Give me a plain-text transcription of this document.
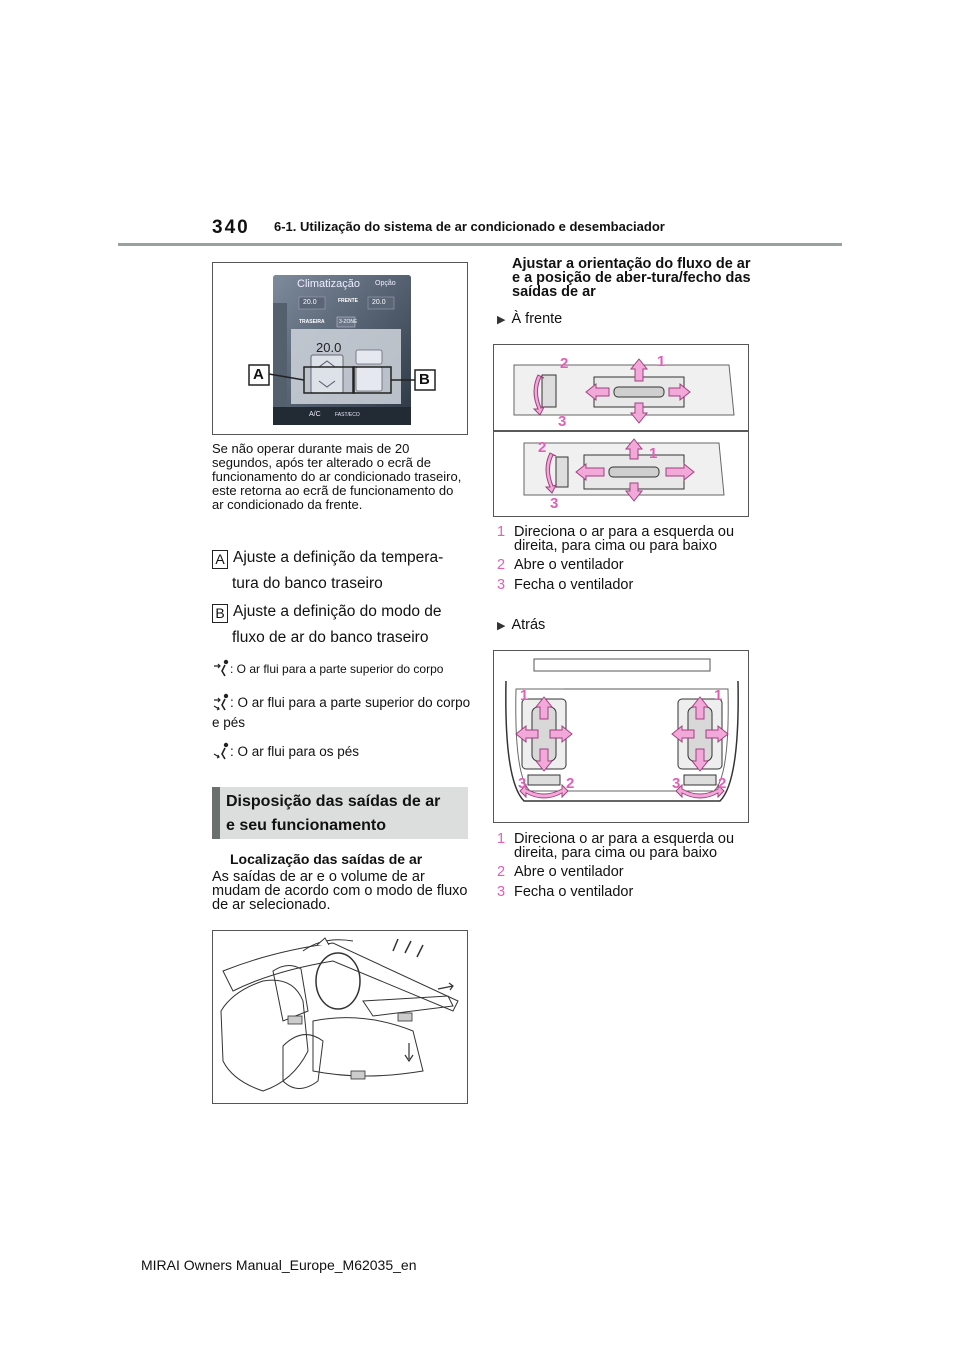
340 6-1. Utilização do sistema de ar condicionado e desembaciador
Climatização Opção
20.0	FRENTE 20.0
TRASEIRA	3-ZONE
20.0
A/C	FAST/ECO
A	B

Se não operar durante mais de 20 segundos, após ter alterado o ecrã de funcionamento do ar condicionado traseiro, este retorna ao ecrã de funcionamento do ar condicionado da frente.

A Ajuste a definição da tempera-
tura do banco traseiro
B Ajuste a definição do modo de
fluxo de ar do banco traseiro
: O ar flui para a parte superior do corpo
: O ar flui para a parte superior do corpo e pés
: O ar flui para os pés
Disposição das saídas de ar
e seu funcionamento
Localização das saídas de ar
As saídas de ar e o volume de ar mudam de acordo com o modo de fluxo de ar selecionado.
Ajustar a orientação do fluxo de ar e a posição de aber-tura/fecho das saídas de ar
▶ À frente
2	1
3
2	1
3
1 Direciona o ar para a esquerda ou direita, para cima ou para baixo
2 Abre o ventilador
3 Fecha o ventilador
▶ Atrás
1	1
3	2	3	2
1 Direciona o ar para a esquerda ou direita, para cima ou para baixo
2 Abre o ventilador
3 Fecha o ventilador
MIRAI Owners Manual_Europe_M62035_en
